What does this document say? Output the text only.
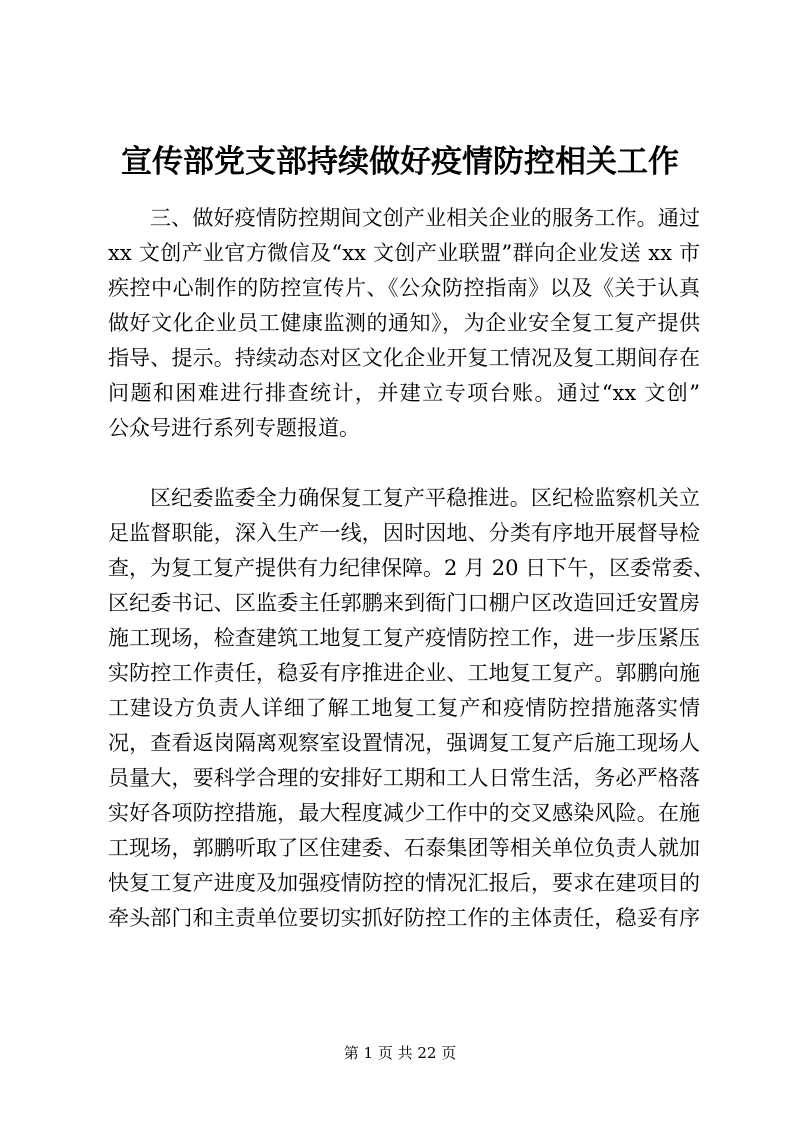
宣传部党支部持续做好疫情防控相关工作
三、做好疫情防控期间文创产业相关企业的服务工作。通过
xx 文创产业官方微信及“xx 文创产业联盟”群向企业发送 xx 市
疾控中心制作的防控宣传片、《公众防控指南》以及《关于认真
做好文化企业员工健康监测的通知》，为企业安全复工复产提供
指导、提示。持续动态对区文化企业开复工情况及复工期间存在
问题和困难进行排查统计，并建立专项台账。通过“xx 文创”
公众号进行系列专题报道。
区纪委监委全力确保复工复产平稳推进。区纪检监察机关立
足监督职能，深入生产一线，因时因地、分类有序地开展督导检
查，为复工复产提供有力纪律保障。2 月 20 日下午，区委常委、
区纪委书记、区监委主任郭鹏来到衙门口棚户区改造回迁安置房
施工现场，检查建筑工地复工复产疫情防控工作，进一步压紧压
实防控工作责任，稳妥有序推进企业、工地复工复产。郭鹏向施
工建设方负责人详细了解工地复工复产和疫情防控措施落实情
况，查看返岗隔离观察室设置情况，强调复工复产后施工现场人
员量大，要科学合理的安排好工期和工人日常生活，务必严格落
实好各项防控措施，最大程度减少工作中的交叉感染风险。在施
工现场，郭鹏听取了区住建委、石泰集团等相关单位负责人就加
快复工复产进度及加强疫情防控的情况汇报后，要求在建项目的
牵头部门和主责单位要切实抓好防控工作的主体责任，稳妥有序
第 1 页 共 22 页
